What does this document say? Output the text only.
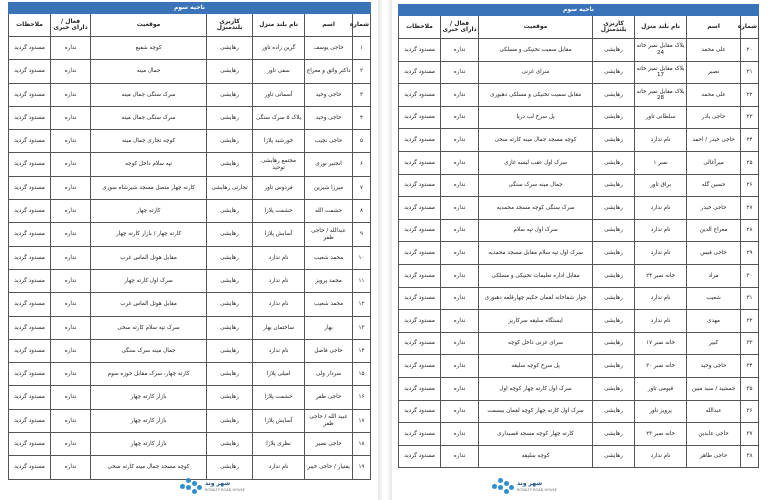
ناحیه سوم						
شماره	اسم	نام بلند منزل	کاربری بلندمنزل	موقعیت	فعال / دارای خبری	ملاحظات
۱	حاجی یوسف	گرین زاده تاور	رهایشی	کوچه شفیع	نداره	مسدود گردید
۲	داکتر واثق و معراج	سفی تاور	رهایشی	جمال مینه	نداره	مسدود گردید
۳	حاجی وحید	آسمانی تاور	رهایشی	سرک سنگی جمال مینه	نداره	مسدود گردید
۴	حاجی وحید	بلاک ۵ سرک سنگی	رهایشی	سرک سنگی جمال مینه	نداره	مسدود گردید
۵	حاجی نجیب	خورشید پلازا	رهایشی	کوچه تجاری جمال مینه	نداره	مسدود گردید
۶	انجنیر نوری	مجتمع رهایشی توحید	رهایشی	تپه سلام داخل کوچه	نداره	مسدود گردید
۷	میرزا شیرین	فردوس تاور	تجارتی رهایشی	کارته چهار متصل مسجد شیرشاه سوری	نداره	مسدود گردید
۸	حشمت الله	حشمت پلازا	رهایشی	کارته چهار	نداره	مسدود گردید
۹	عبدالله / حاجی ظفر	آسایش پلازا	رهایشی	کارته چهار / بازار کارته چهار	نداره	مسدود گردید
۱۰	محمد شعیب	نام ندارد	رهایشی	مقابل هوتل الماس غرب	نداره	مسدود گردید
۱۱	محمد پرویز	نام ندارد	رهایشی	سرک اول کارته چهار	نداره	مسدود گردید
۱۲	محمد شعیب	نام ندارد	رهایشی	مقابل هوتل الماس غرب	نداره	مسدود گردید
۱۳	بهار	ساختمان بهار	رهایشی	سرک تپه سلام کارته سخی	نداره	مسدود گردید
۱۴	حاجی فاضل	نام ندارد	رهایشی	جمال مینه سرک سنگی	نداره	مسدود گردید
۱۵	سردار ولی	امیلی پلازا	رهایشی	کارته چهار، سرک مقابل حوزه سوم	نداره	مسدود گردید
۱۶	حاجی ظفر	حشمت پلازا	رهایشی	بازار کارته چهار	نداره	مسدود گردید
۱۷	عبید الله / حاجی ظفر	آسایش پلازا	رهایشی	بازار کارته چهار	نداره	مسدود گردید
۱۸	حاجی نصیر	نظری پلازا	رهایشی	بازار کارته چهار	نداره	مسدود گردید
۱۹	یفتیار / حاجی خیبر	نام ندارد	رهایشی	کوچه مسجد جمال مینه کارته سخی	نداره	مسدود گردید
شهر وند
ROYALTY ROAD HOUSE
ناحیه سوم						
شماره	اسم	نام بلند منزل	کاربری بلندمنزل	موقعیت	فعال / دارای خبری	ملاحظات
۲۰	علی محمد	بلاک مقابل نمبر خانه 24	رهایشی	مقابل سمیت تخنیکی و مسلکی	نداره	مسدود گردید
۲۱	نصیر	بلاک مقابل نمبر خانه 17	رهایشی	سرای غزنی	نداره	مسدود گردید
۲۲	علی محمد	بلاک مقابل نمبر خانه 28	رهایشی	مقابل سمیت تخنیکی و مسلکی دهبوری	نداره	مسدود گردید
۲۳	حاجی یادر	سلطانی تاور	رهایشی	پل سرخ لب دریا	نداره	مسدود گردید
۲۴	حاجی خیدر / احمد	نام ندارد	رهایشی	کوچه مسجد جمال مینه کارته سخی	نداره	مسدود گردید
۲۵	میرآغالی	نمبر ۱	رهایشی	سرک اول عقب لیسه غازی	نداره	مسدود گردید
۲۶	حسین گله	براق تاور	رهایشی	جمال مینه سرک سنگی	نداره	مسدود گردید
۲۷	حاجی خیدر	نام ندارد	رهایشی	سرک سنگی کوچه مسجد محمدیه	نداره	مسدود گردید
۲۸	معراج الدین	نام ندارد	رهایشی	سرک اول تپه سلام	نداره	مسدود گردید
۲۹	حاجی قیس	نام ندارد	رهایشی	سرک اول تپه سلام مقابل مسجد محمدیه	نداره	مسدود گردید
۳۰	مراد	خانه نمبر ۲۴	رهایشی	مقابل اداره تعلیمات تخنیکی و مسلکی	نداره	مسدود گردید
۳۱	شعیب	نام ندارد	رهایشی	جوار شفاخانه لقمان حکیم چهارقلعه دهبوری	نداره	مسدود گردید
۳۲	مهدی	نام ندارد	رهایشی	ایستگاه سلیقه سرکاریز	نداره	مسدود گردید
۳۳	کبیر	خانه نمبر ۱۷	رهایشی	سرای غزنی داخل کوچه	نداره	مسدود گردید
۳۴	حاجی وحید	خانه نمبر ۲۰	رهایشی	پل سرخ کوچه سلیقه	نداره	مسدود گردید
۳۵	جمشید / سید مبین	قیومی تاور	رهایشی	سرک اول کارته چهار کوچه اول	نداره	مسدود گردید
۳۶	عبدالله	پرویز تاور	رهایشی	سرک اول کارته چهار کوچه لقمان بیسمت	نداره	مسدود گردید
۳۷	حاجی عابدین	خانه نمبر ۲۳	رهایشی	کارته چهار کوچه مسجد قصبداری	نداره	مسدود گردید
۳۸	حاجی طاهر	نام ندارد	رهایشی	کوچه سلیقه	نداره	مسدود گردید
شهر وند
ROYALTY ROAD HOUSE
